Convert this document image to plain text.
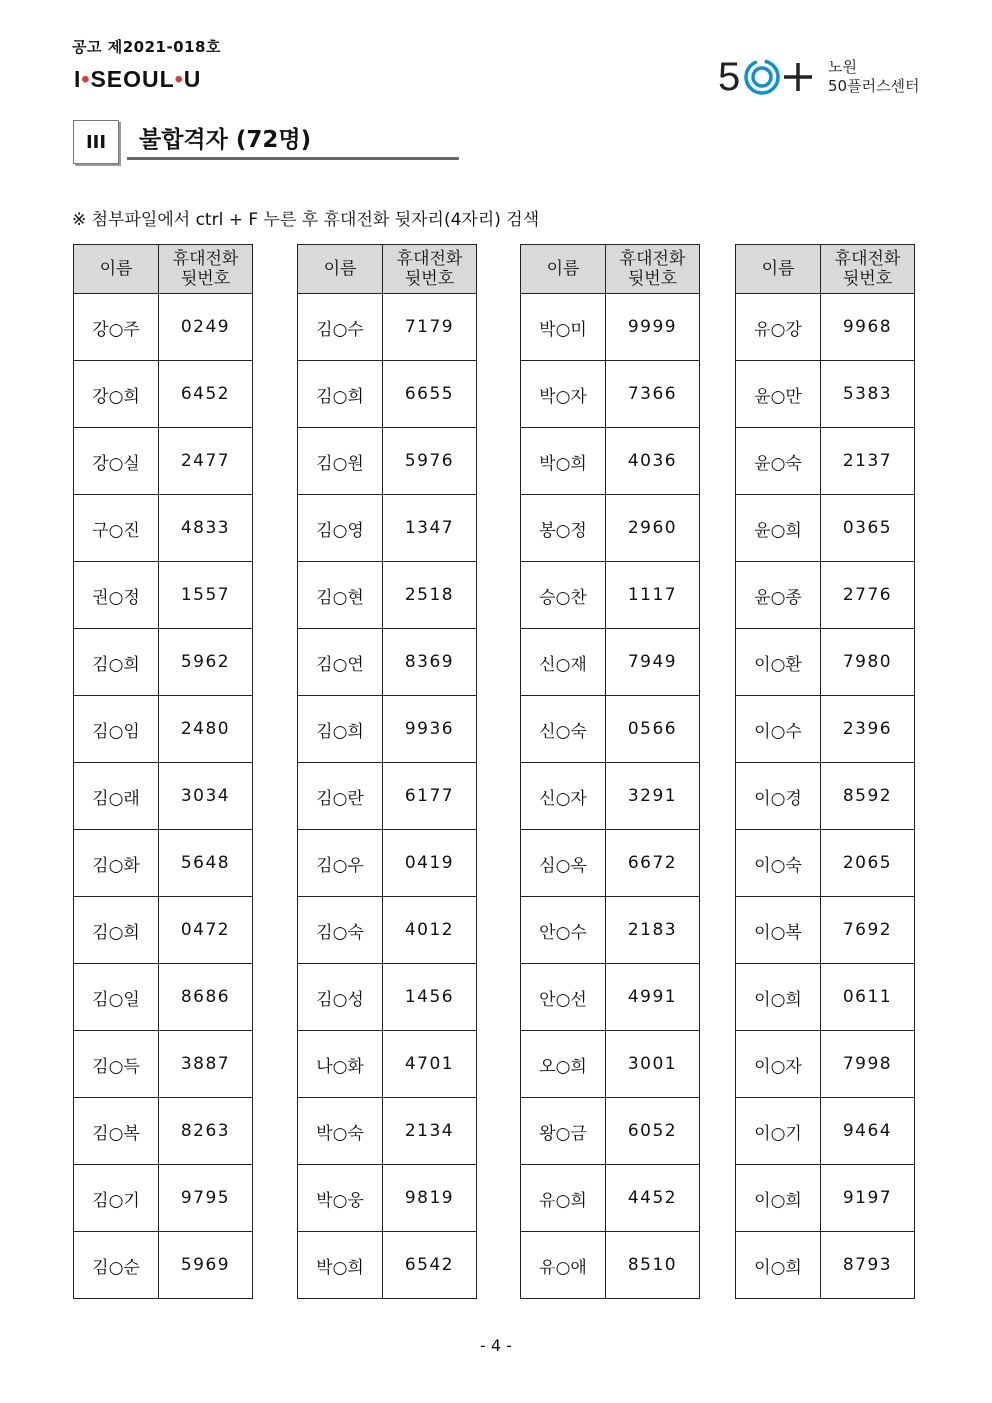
공고 제2021-018호
I•SEOUL•U	5	노원
50플러스센터
III	불합격자 (72명)
※ 첨부파일에서 ctrl + F 누른 후 휴대전화 뒷자리(4자리) 검색
이름	휴대전화
뒷번호

강○주	0249
강○희	6452
강○실	2477
구○진	4833
권○정	1557
김○희	5962
김○임	2480
김○래	3034
김○화	5648
김○희	0472
김○일	8686
김○득	3887
김○복	8263
김○기	9795
김○순	5969
이름	휴대전화
뒷번호

김○수	7179
김○희	6655
김○원	5976
김○영	1347
김○현	2518
김○연	8369
김○희	9936
김○란	6177
김○우	0419
김○숙	4012
김○성	1456
나○화	4701
박○숙	2134
박○웅	9819
박○희	6542
이름	휴대전화
뒷번호

박○미	9999
박○자	7366
박○희	4036
봉○정	2960
승○찬	1117
신○재	7949
신○숙	0566
신○자	3291
심○옥	6672
안○수	2183
안○선	4991
오○희	3001
왕○금	6052
유○희	4452
유○애	8510
이름	휴대전화
뒷번호

유○강	9968
윤○만	5383
윤○숙	2137
윤○희	0365
윤○종	2776
이○환	7980
이○수	2396
이○경	8592
이○숙	2065
이○복	7692
이○희	0611
이○자	7998
이○기	9464
이○희	9197
이○희	8793
- 4 -
